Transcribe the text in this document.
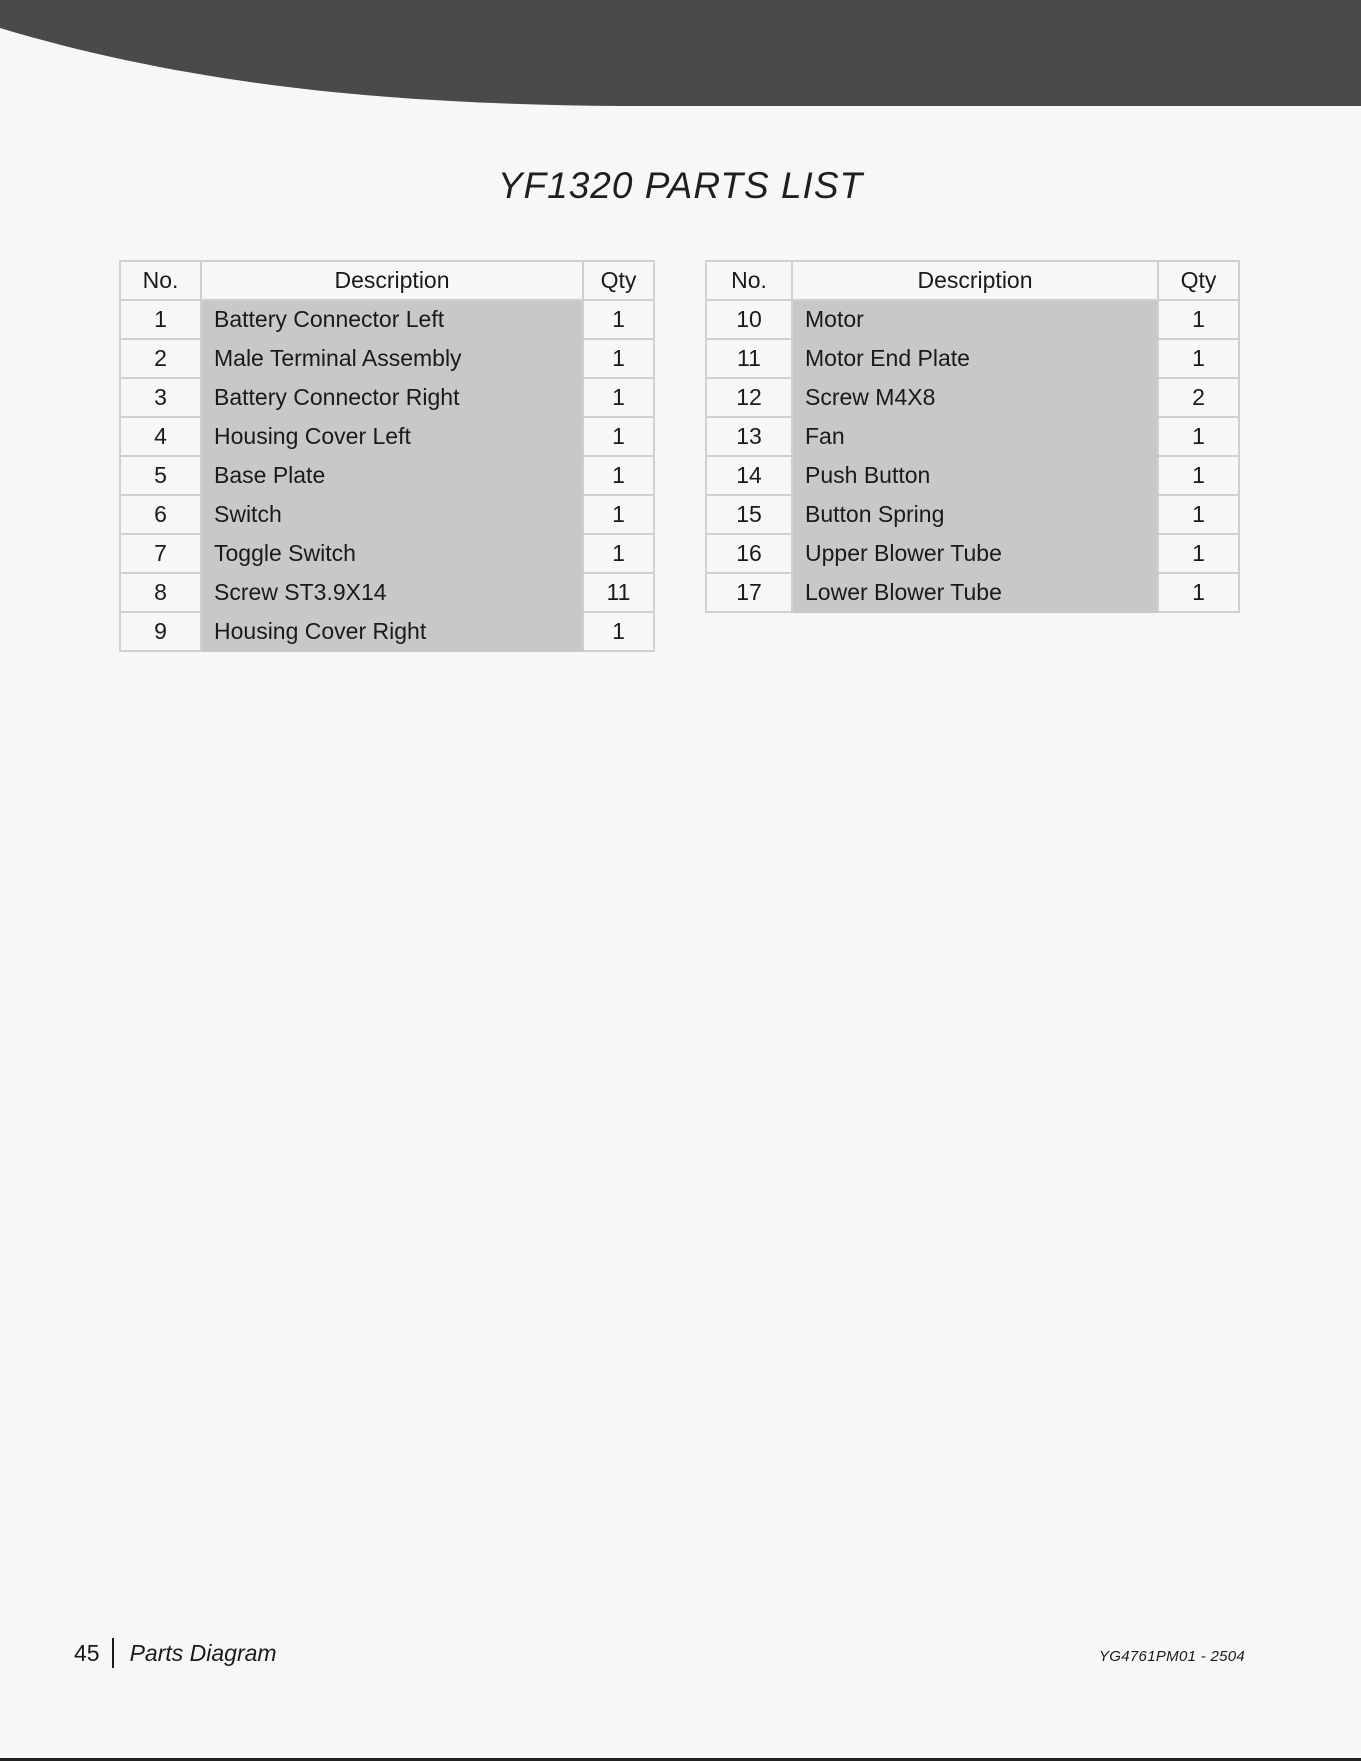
YF1320 PARTS LIST
No.	Description	Qty
1	Battery Connector Left	1
2	Male Terminal Assembly	1
3	Battery Connector Right	1
4	Housing Cover Left	1
5	Base Plate	1
6	Switch	1
7	Toggle Switch	1
8	Screw ST3.9X14	11
9	Housing Cover Right	1
No.	Description	Qty
10	Motor	1
11	Motor End Plate	1
12	Screw M4X8	2
13	Fan	1
14	Push Button	1
15	Button Spring	1
16	Upper Blower Tube	1
17	Lower Blower Tube	1
45 Parts Diagram	YG4761PM01 - 2504
